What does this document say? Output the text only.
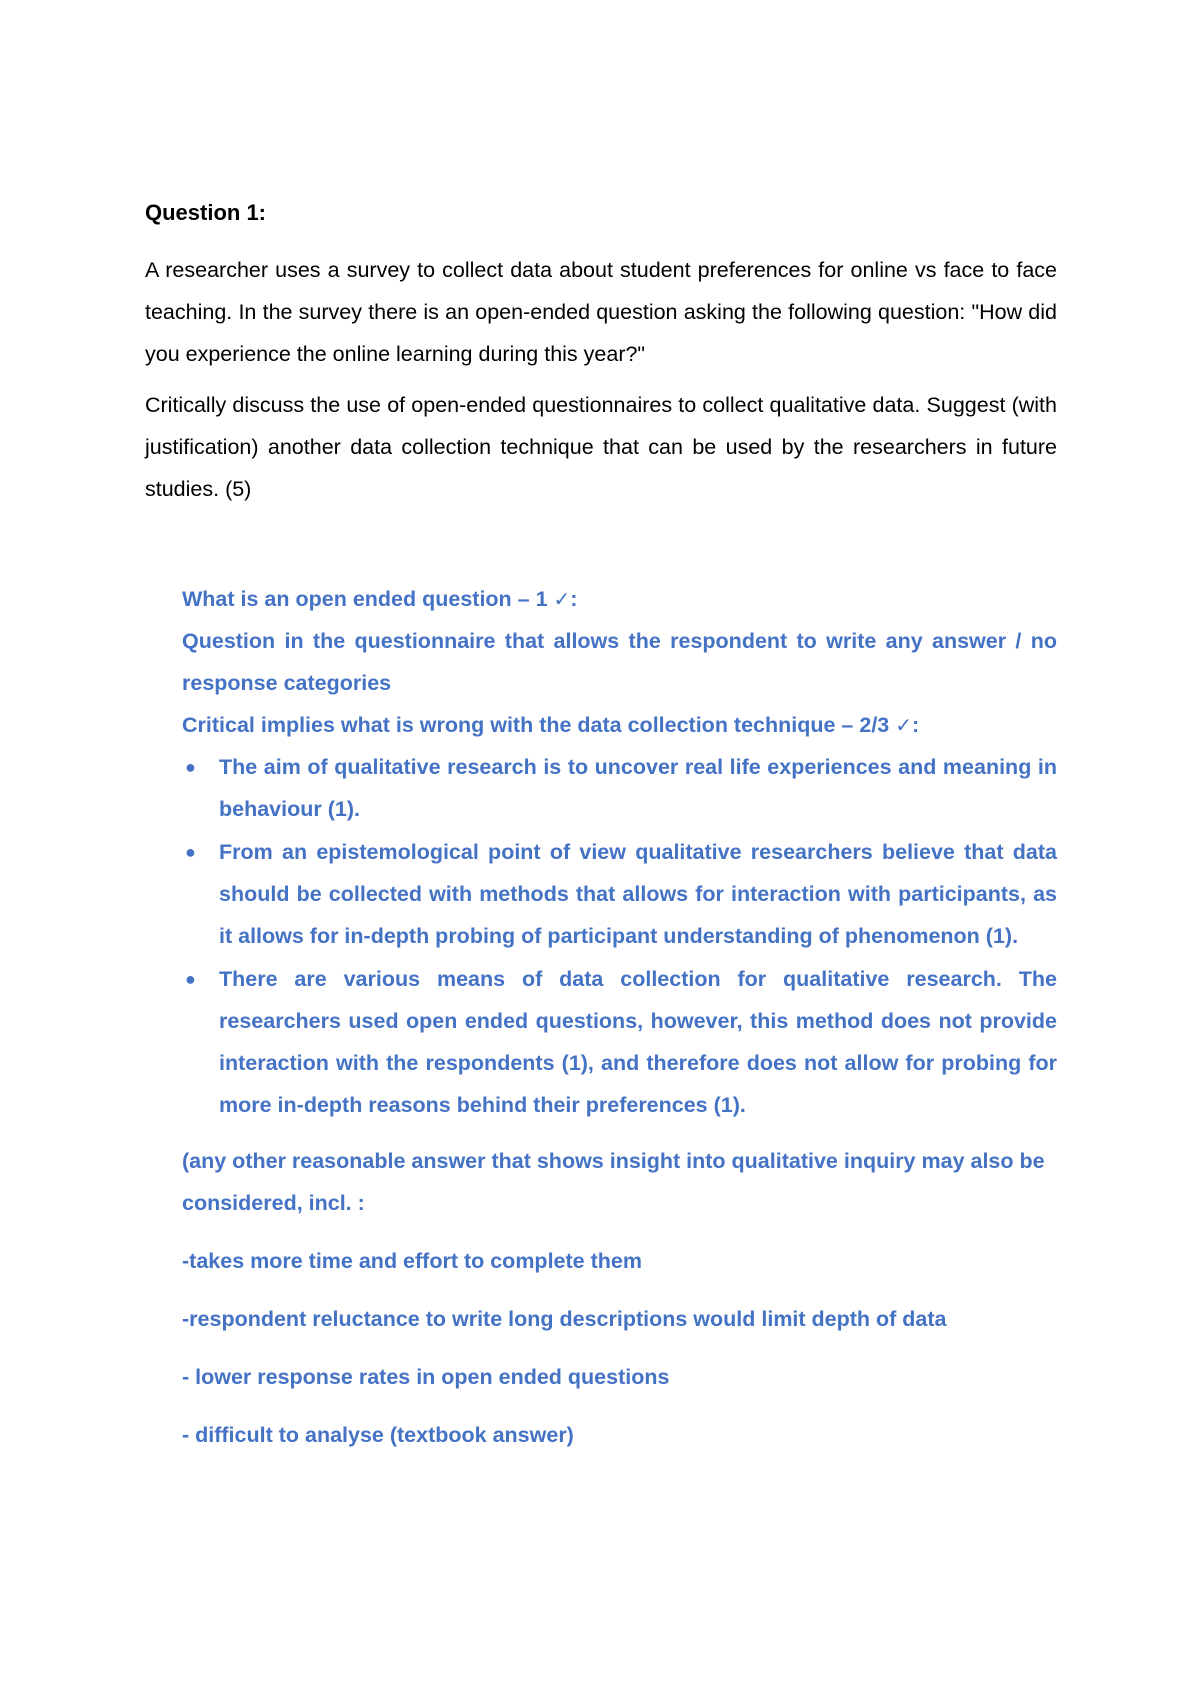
Question 1:

A researcher uses a survey to collect data about student preferences for online vs face to face teaching. In the survey there is an open-ended question asking the following question: "How did you experience the online learning during this year?"

Critically discuss the use of open-ended questionnaires to collect qualitative data. Suggest (with justification) another data collection technique that can be used by the researchers in future studies. (5)

What is an open ended question – 1 ✓:

Question in the questionnaire that allows the respondent to write any answer / no response categories

Critical implies what is wrong with the data collection technique – 2/3 ✓:

● The aim of qualitative research is to uncover real life experiences and meaning in behaviour (1).
● From an epistemological point of view qualitative researchers believe that data should be collected with methods that allows for interaction with participants, as it allows for in-depth probing of participant understanding of phenomenon (1).
● There are various means of data collection for qualitative research. The researchers used open ended questions, however, this method does not provide interaction with the respondents (1), and therefore does not allow for probing for more in-depth reasons behind their preferences (1).

(any other reasonable answer that shows insight into qualitative inquiry may also be considered, incl. :

-takes more time and effort to complete them

-respondent reluctance to write long descriptions would limit depth of data

- lower response rates in open ended questions

- difficult to analyse (textbook answer)
